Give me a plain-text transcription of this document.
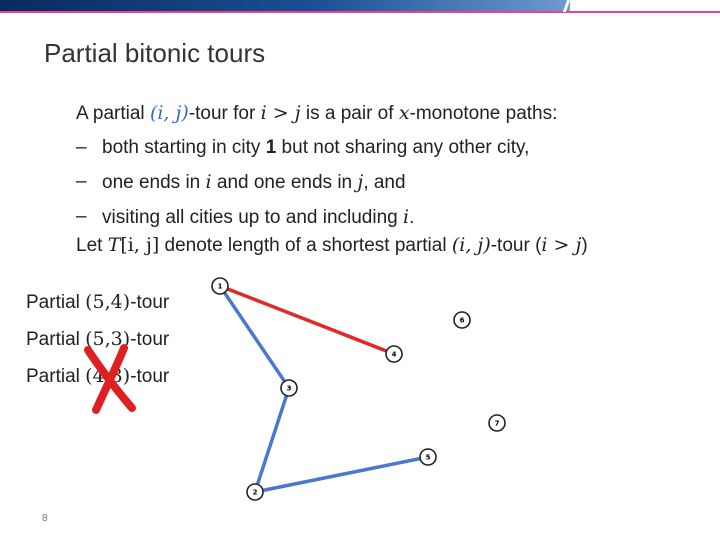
Partial bitonic tours
A partial (i, j)-tour for i > j is a pair of x-monotone paths:
– both starting in city 1 but not sharing any other city,
– one ends in i and one ends in j, and
– visiting all cities up to and including i.
Let T[i, j] denote length of a shortest partial (i, j)-tour (i > j)
Partial (5,4)-tour
Partial (5,3)-tour
Partial (4,3)-tour
1
6
4
3
7
5
2
8
